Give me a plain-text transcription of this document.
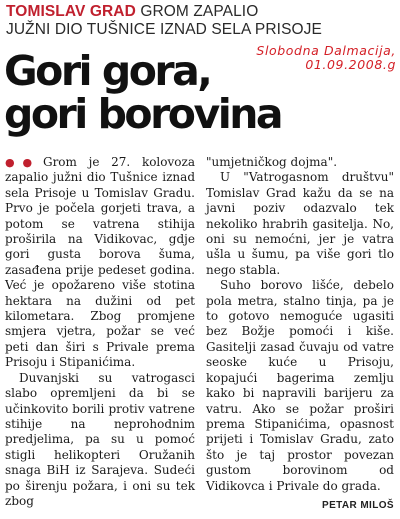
TOMISLAV GRAD GROM ZAPALIO
JUŽNI DIO TUŠNICE IZNAD SELA PRISOJE
Slobodna Dalmacija,
01.09.2008.g
Gori gora,
gori borovina

●● Grom je 27. kolovoza zapalio južni dio Tušnice iznad sela Prisoje u Tomislav Gradu. Prvo je počela gorjeti trava, a potom se vatrena stihija proširila na Vidikovac, gdje gori gusta borova šuma, zasađena prije pedeset godina. Već je opožareno više stotina hektara na dužini od pet kilometara. Zbog promjene smjera vjetra, požar se već peti dan širi s Privale prema Prisoju i Stipanićima.

Duvanjski su vatrogasci slabo opremljeni da bi se učinkovito borili protiv vatrene stihije na neprohodnim predjelima, pa su u pomoć stigli helikopteri Oružanih snaga BiH iz Sarajeva. Sudeći po širenju požara, i oni su tek zbog

"umjetničkog dojma".

U "Vatrogasnom društvu" Tomislav Grad kažu da se na javni poziv odazvalo tek nekoliko hrabrih gasitelja. No, oni su nemoćni, jer je vatra ušla u šumu, pa više gori tlo nego stabla.

Suho borovo lišće, debelo pola metra, stalno tinja, pa je to gotovo nemoguće ugasiti bez Božje pomoći i kiše. Gasitelji zasad čuvaju od vatre seoske kuće u Prisoju, kopajući bagerima zemlju kako bi napravili barijeru za vatru. Ako se požar proširi prema Stipanićima, opasnost prijeti i Tomislav Gradu, zato što je taj prostor povezan gustom borovinom od Vidikovca i Privale do grada.

PETAR MILOŠ
